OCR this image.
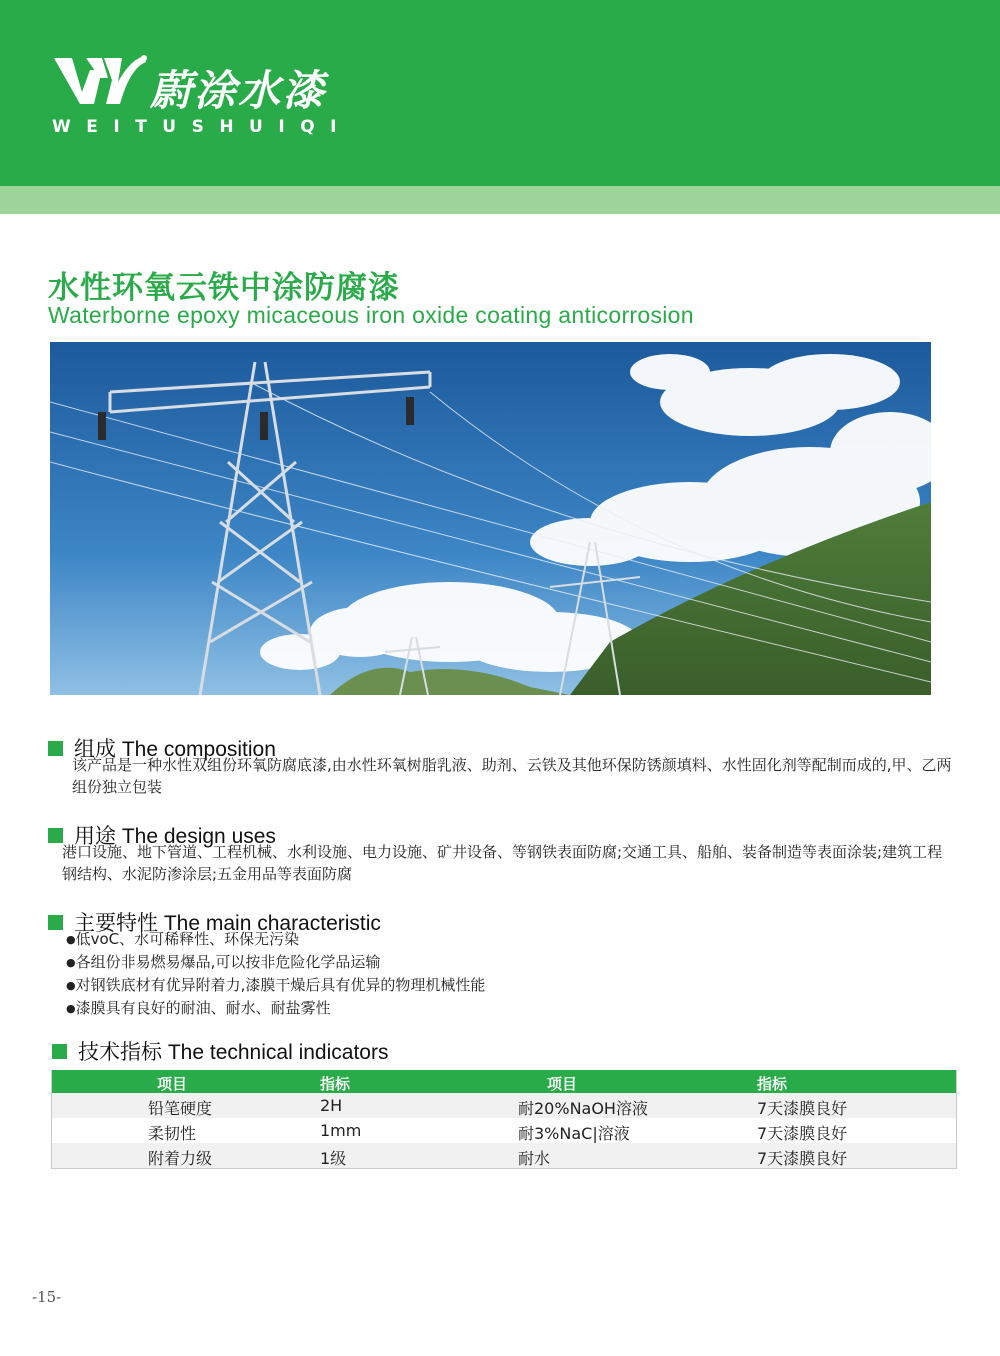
蔚涂水漆
WEITUSHUIQI
水性环氧云铁中涂防腐漆
Waterborne epoxy micaceous iron oxide coating anticorrosion
组成 The composition
该产品是一种水性双组份环氧防腐底漆,由水性环氧树脂乳液、助剂、云铁及其他环保防锈颜填料、水性固化剂等配制而成的,甲、乙两组份独立包装
用途 The design uses
港口设施、地下管道、工程机械、水利设施、电力设施、矿井设备、等钢铁表面防腐;交通工具、船舶、装备制造等表面涂装;建筑工程钢结构、水泥防渗涂层;五金用品等表面防腐
主要特性 The main characteristic
● 低voC、水可稀释性、环保无污染
● 各组份非易燃易爆品,可以按非危险化学品运输
● 对钢铁底材有优异附着力,漆膜干燥后具有优异的物理机械性能
● 漆膜具有良好的耐油、耐水、耐盐雾性
技术指标 The technical indicators
项目	指标	项目	指标
铅笔硬度	2H	耐20%NaOH溶液	7天漆膜良好
柔韧性	1mm	耐3%NaC|溶液	7天漆膜良好
附着力级	1级	耐水	7天漆膜良好
-15-
